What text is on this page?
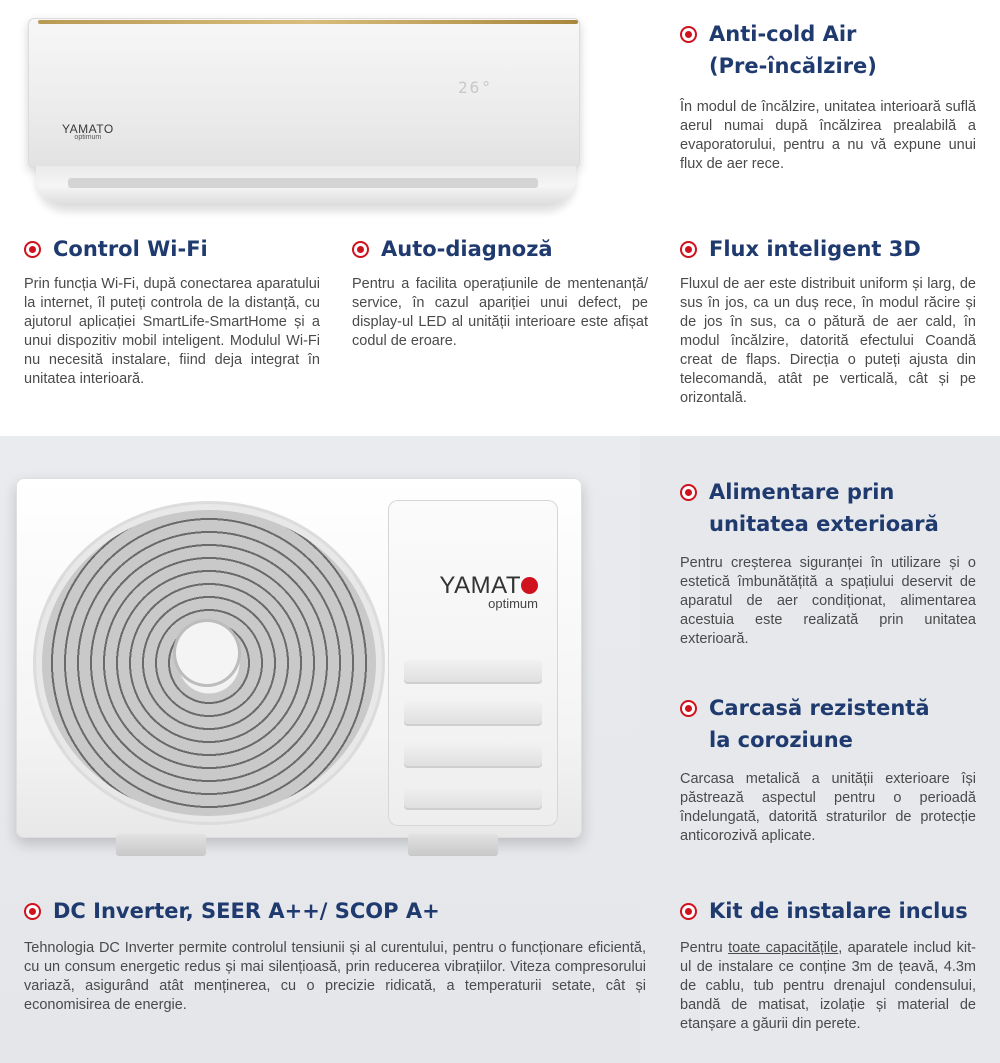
26°
YAMATO
optimum
Anti-cold Air
(Pre-încălzire)

În modul de încălzire, unitatea interioară suflă aerul numai după încălzirea prealabilă a evaporatorului, pentru a nu vă expune unui flux de aer rece.

Control Wi-Fi

Prin funcția Wi-Fi, după conectarea aparatului la internet, îl puteți controla de la distanță, cu ajutorul aplicației SmartLife-SmartHome și a unui dispozitiv mobil inteligent. Modulul Wi-Fi nu necesită instalare, fiind deja integrat în unitatea interioară.

Auto-diagnoză

Pentru a facilita operațiunile de mentenanță/ service, în cazul apariției unui defect, pe display-ul LED al unității interioare este afișat codul de eroare.

Flux inteligent 3D

Fluxul de aer este distribuit uniform și larg, de sus în jos, ca un duș rece, în modul răcire și de jos în sus, ca o pătură de aer cald, în modul încălzire, datorită efectului Coandă creat de flaps. Direcția o puteți ajusta din telecomandă, atât pe verticală, cât și pe orizontală.

YAMAT
optimum
Alimentare prin
unitatea exterioară

Pentru creșterea siguranței în utilizare și o estetică îmbunătățită a spațiului deservit de aparatul de aer condiționat, alimentarea acestuia este realizată prin unitatea exterioară.

Carcasă rezistentă
la coroziune

Carcasa metalică a unității exterioare își păstrează aspectul pentru o perioadă îndelungată, datorită straturilor de protecție anticorozivă aplicate.

DC Inverter, SEER A++/ SCOP A+

Tehnologia DC Inverter permite controlul tensiunii și al curentului, pentru o funcționare eficientă, cu un consum energetic redus și mai silențioasă, prin reducerea vibrațiilor. Viteza compresorului variază, asigurând atât menținerea, cu o precizie ridicată, a temperaturii setate, cât și economisirea de energie.

Kit de instalare inclus

Pentru toate capacitățile, aparatele includ kit-ul de instalare ce conține 3m de țeavă, 4.3m de cablu, tub pentru drenajul condensului, bandă de matisat, izolație și material de etanșare a găurii din perete.
